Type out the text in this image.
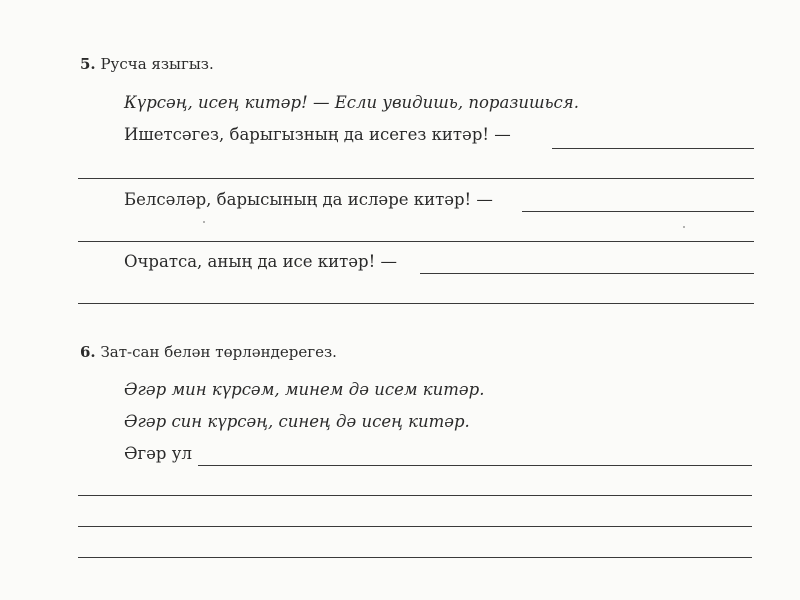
5. Русча языгыз.
Күрсәң, исең китәр! — Если увидишь, поразишься.
Ишетсәгез, барыгызның да исегез китәр! —
Белсәләр, барысының да исләре китәр! —
Очратса, аның да исе китәр! —
6. Зат-сан белән төрләндерегез.
Әгәр мин күрсәм, минем дә исем китәр.
Әгәр син күрсәң, синең дә исең китәр.
Әгәр ул
